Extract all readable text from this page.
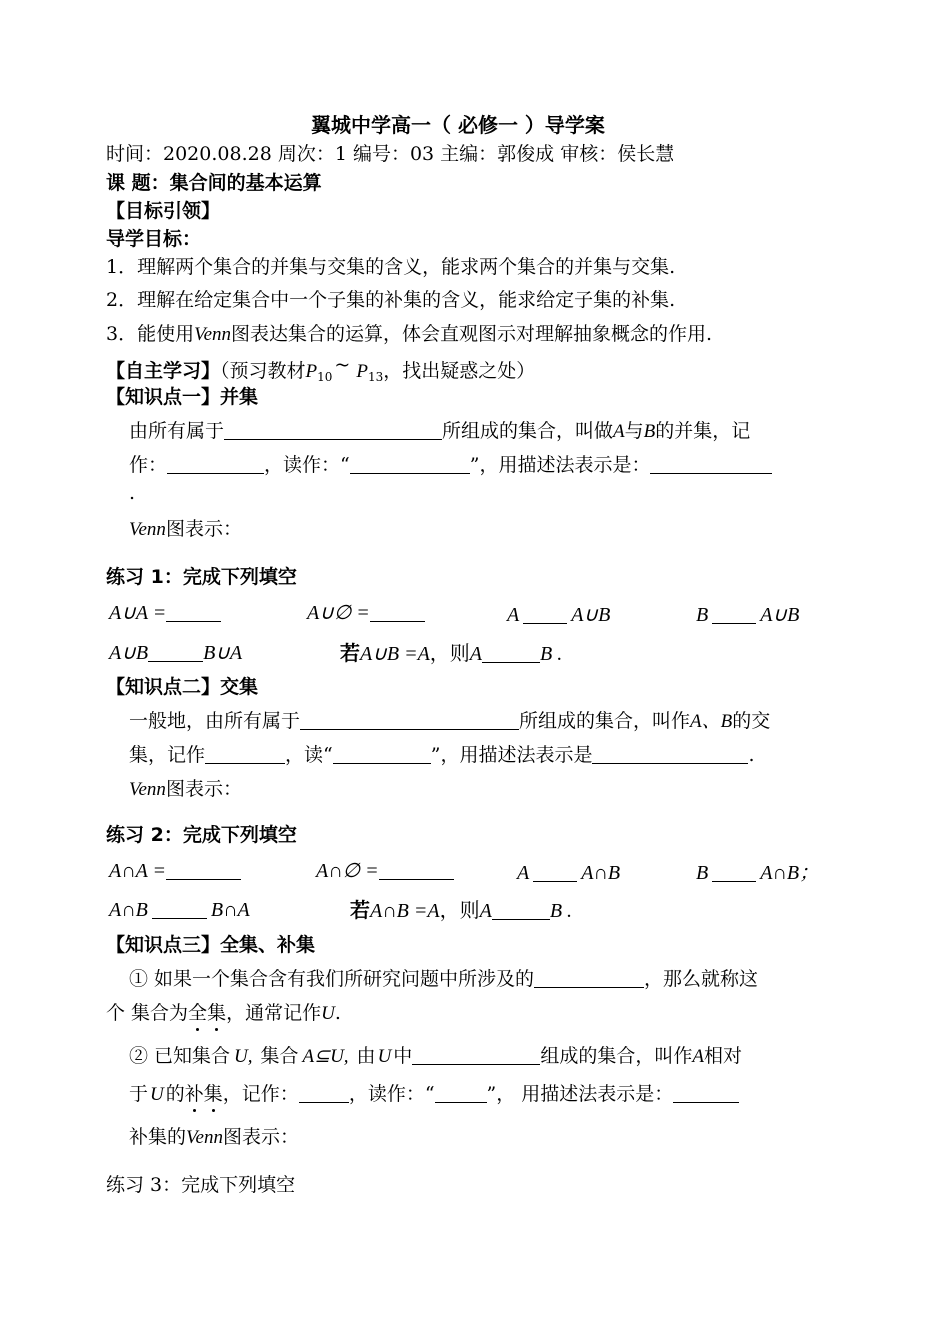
翼城中学高一（ 必修一 ）导学案
时间：2020.08.28 周次：1 编号：03 主编：郭俊成 审核：侯长慧
课 题：集合间的基本运算
【目标引领】
导学目标：
1．理解两个集合的并集与交集的含义，能求两个集合的并集与交集.
2．理解在给定集合中一个子集的补集的含义，能求给定子集的补集.
3．能使用Venn图表达集合的运算，体会直观图示对理解抽象概念的作用.
【自主学习】（预习教材$P_{10}\sim$ $P_{13}$，找出疑惑之处）
【知识点一】并集
由所有属于	所组成的集合，叫做A与B的并集，记
作：	，读作：“	”，用描述法表示是：
.
Venn图表示：
练习 1：完成下列填空
A∪A =	A∪∅ =	A	A∪B	B	A∪B
A∪B	B∪A	若A∪B =A，则A	B .
【知识点二】交集
一般地，由所有属于	所组成的集合，叫作A、B的交
集，记作	，读“	”，用描述法表示是	.
Venn图表示：
练习 2：完成下列填空
A∩A =	A∩∅ =	A	A∩B	B	A∩B；
A∩B	B∩A	若A∩B =A，则A	B .
【知识点三】全集、补集
① 如果一个集合含有我们所研究问题中所涉及的	，那么就称这
个 集合为全集，通常记作U.
② 已知集合 U, 集合 A⊆U, 由 U 中	组成的集合，叫作A相对
于 U 的补集，记作：	，读作：“	”， 用描述法表示是：
补集的Venn图表示：
练习 3：完成下列填空
